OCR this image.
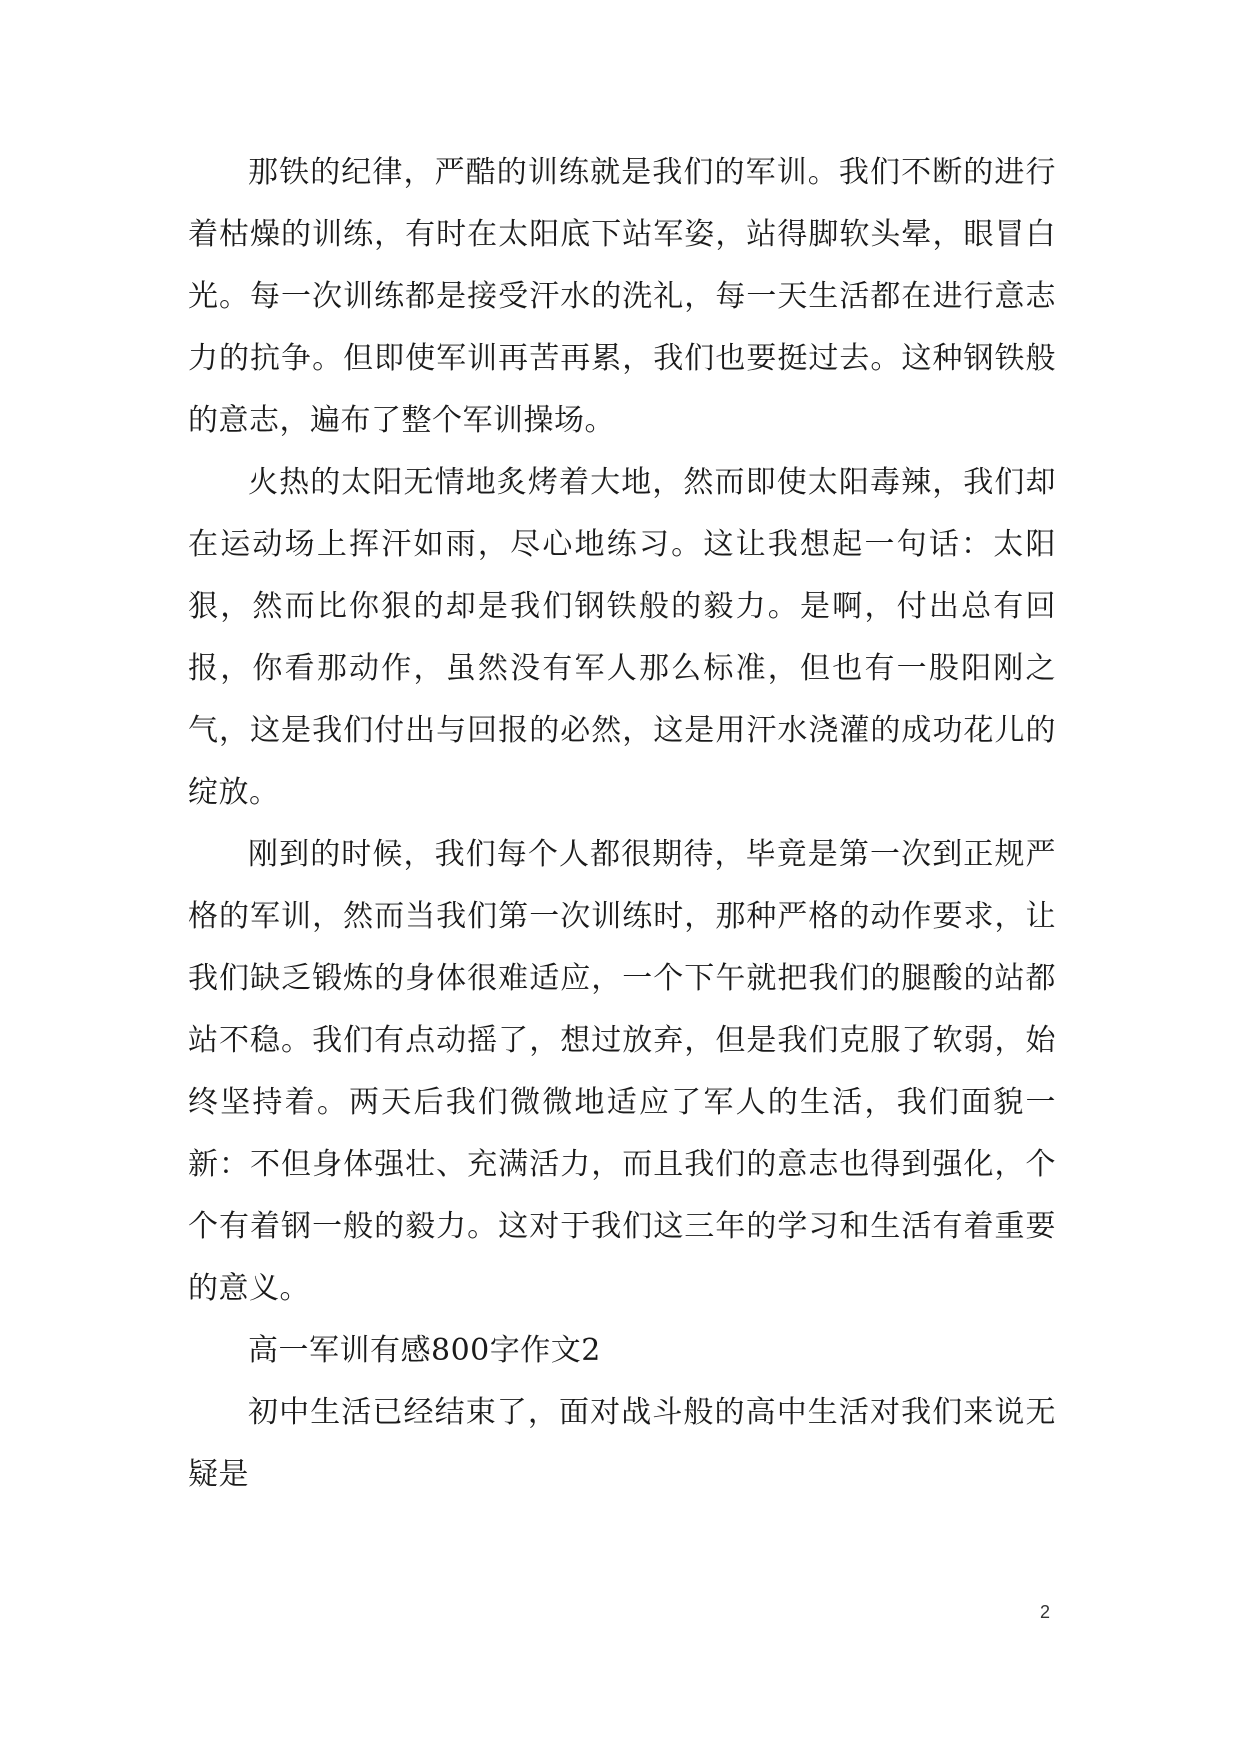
那铁的纪律，严酷的训练就是我们的军训。我们不断的进行着枯燥的训练，有时在太阳底下站军姿，站得脚软头晕，眼冒白光。每一次训练都是接受汗水的洗礼，每一天生活都在进行意志力的抗争。但即使军训再苦再累，我们也要挺过去。这种钢铁般的意志，遍布了整个军训操场。

火热的太阳无情地炙烤着大地，然而即使太阳毒辣，我们却在运动场上挥汗如雨，尽心地练习。这让我想起一句话：太阳狠，然而比你狠的却是我们钢铁般的毅力。是啊，付出总有回报，你看那动作，虽然没有军人那么标准，但也有一股阳刚之气，这是我们付出与回报的必然，这是用汗水浇灌的成功花儿的绽放。

刚到的时候，我们每个人都很期待，毕竟是第一次到正规严格的军训，然而当我们第一次训练时，那种严格的动作要求，让我们缺乏锻炼的身体很难适应，一个下午就把我们的腿酸的站都站不稳。我们有点动摇了，想过放弃，但是我们克服了软弱，始终坚持着。两天后我们微微地适应了军人的生活，我们面貌一新：不但身体强壮、充满活力，而且我们的意志也得到强化，个个有着钢一般的毅力。这对于我们这三年的学习和生活有着重要的意义。

高一军训有感800字作文2

初中生活已经结束了，面对战斗般的高中生活对我们来说无疑是

2
